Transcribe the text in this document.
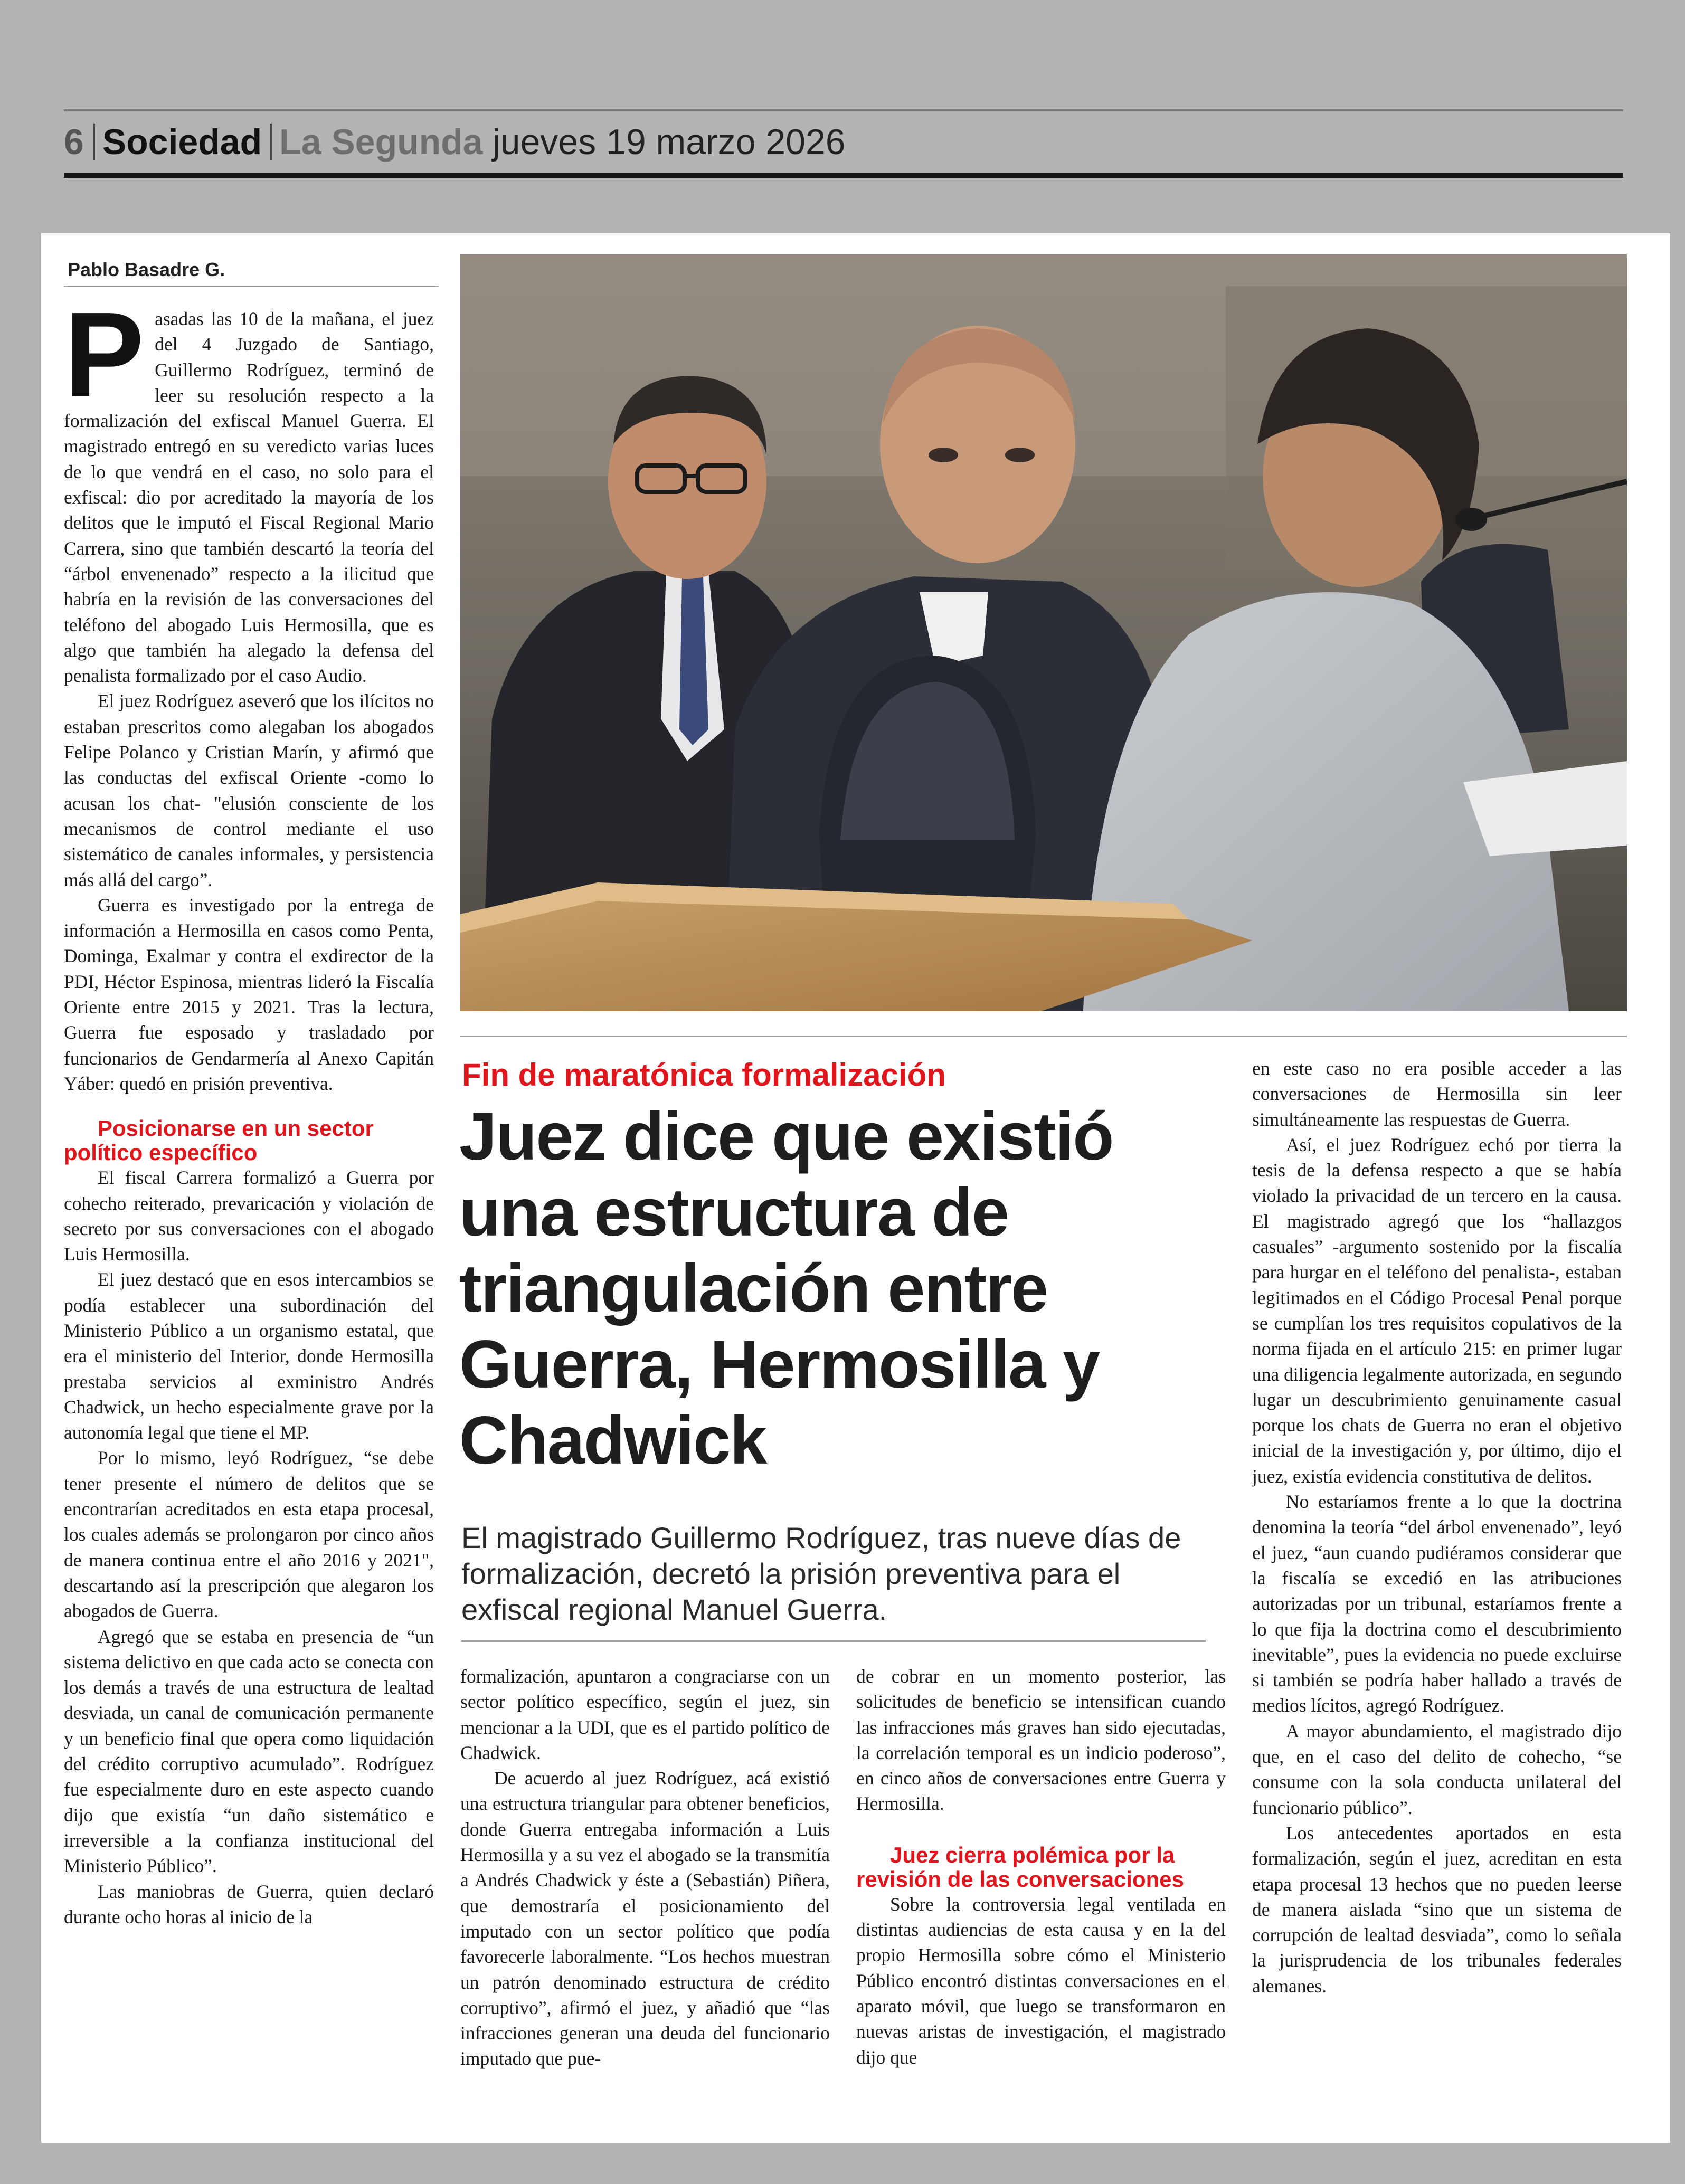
6 Sociedad La Segunda jueves 19 marzo 2026
Pablo Basadre G.

Pasadas las 10 de la mañana, el juez del 4 Juzgado de Santiago, Guillermo Rodríguez, terminó de leer su resolución respecto a la formalización del exfiscal Manuel Guerra. El magistrado entregó en su veredicto varias luces de lo que vendrá en el caso, no solo para el exfiscal: dio por acreditado la mayoría de los delitos que le imputó el Fiscal Regional Mario Carrera, sino que también descartó la teoría del “árbol envenenado” respecto a la ilicitud que habría en la revisión de las conversaciones del teléfono del abogado Luis Hermosilla, que es algo que también ha alegado la defensa del penalista formalizado por el caso Audio.

El juez Rodríguez aseveró que los ilícitos no estaban prescritos como alegaban los abogados Felipe Polanco y Cristian Marín, y afirmó que las conductas del exfiscal Oriente -como lo acusan los chat- "elusión consciente de los mecanismos de control mediante el uso sistemático de canales informales, y persistencia más allá del cargo”.

Guerra es investigado por la entrega de información a Hermosilla en casos como Penta, Dominga, Exalmar y contra el exdirector de la PDI, Héctor Espinosa, mientras lideró la Fiscalía Oriente entre 2015 y 2021. Tras la lectura, Guerra fue esposado y trasladado por funcionarios de Gendarmería al Anexo Capitán Yáber: quedó en prisión preventiva.

Posicionarse en un sector político específico

El fiscal Carrera formalizó a Guerra por cohecho reiterado, prevaricación y violación de secreto por sus conversaciones con el abogado Luis Hermosilla.

El juez destacó que en esos intercambios se podía establecer una subordinación del Ministerio Público a un organismo estatal, que era el ministerio del Interior, donde Hermosilla prestaba servicios al exministro Andrés Chadwick, un hecho especialmente grave por la autonomía legal que tiene el MP.

Por lo mismo, leyó Rodríguez, “se debe tener presente el número de delitos que se encontrarían acreditados en esta etapa procesal, los cuales además se prolongaron por cinco años de manera continua entre el año 2016 y 2021", descartando así la prescripción que alegaron los abogados de Guerra.

Agregó que se estaba en presencia de “un sistema delictivo en que cada acto se conecta con los demás a través de una estructura de lealtad desviada, un canal de comunicación permanente y un beneficio final que opera como liquidación del crédito corruptivo acumulado”. Rodríguez fue especialmente duro en este aspecto cuando dijo que existía “un daño sistemático e irreversible a la confianza institucional del Ministerio Público”.

Las maniobras de Guerra, quien declaró durante ocho horas al inicio de la

Fin de maratónica formalización
Juez dice que existió una estructura de triangulación entre Guerra, Hermosilla y Chadwick
El magistrado Guillermo Rodríguez, tras nueve días de formalización, decretó la prisión preventiva para el exfiscal regional Manuel Guerra.

formalización, apuntaron a congraciarse con un sector político específico, según el juez, sin mencionar a la UDI, que es el partido político de Chadwick.

De acuerdo al juez Rodríguez, acá existió una estructura triangular para obtener beneficios, donde Guerra entregaba información a Luis Hermosilla y a su vez el abogado se la transmitía a Andrés Chadwick y éste a (Sebastián) Piñera, que demostraría el posicionamiento del imputado con un sector político que podía favorecerle laboralmente. “Los hechos muestran un patrón denominado estructura de crédito corruptivo”, afirmó el juez, y añadió que “las infracciones generan una deuda del funcionario imputado que pue-

de cobrar en un momento posterior, las solicitudes de beneficio se intensifican cuando las infracciones más graves han sido ejecutadas, la correlación temporal es un indicio poderoso”, en cinco años de conversaciones entre Guerra y Hermosilla.

Juez cierra polémica por la revisión de las conversaciones

Sobre la controversia legal ventilada en distintas audiencias de esta causa y en la del propio Hermosilla sobre cómo el Ministerio Público encontró distintas conversaciones en el aparato móvil, que luego se transformaron en nuevas aristas de investigación, el magistrado dijo que

en este caso no era posible acceder a las conversaciones de Hermosilla sin leer simultáneamente las respuestas de Guerra.

Así, el juez Rodríguez echó por tierra la tesis de la defensa respecto a que se había violado la privacidad de un tercero en la causa. El magistrado agregó que los “hallazgos casuales” -argumento sostenido por la fiscalía para hurgar en el teléfono del penalista-, estaban legitimados en el Código Procesal Penal porque se cumplían los tres requisitos copulativos de la norma fijada en el artículo 215: en primer lugar una diligencia legalmente autorizada, en segundo lugar un descubrimiento genuinamente casual porque los chats de Guerra no eran el objetivo inicial de la investigación y, por último, dijo el juez, existía evidencia constitutiva de delitos.

No estaríamos frente a lo que la doctrina denomina la teoría “del árbol envenenado”, leyó el juez, “aun cuando pudiéramos considerar que la fiscalía se excedió en las atribuciones autorizadas por un tribunal, estaríamos frente a lo que fija la doctrina como el descubrimiento inevitable”, pues la evidencia no puede excluirse si también se podría haber hallado a través de medios lícitos, agregó Rodríguez.

A mayor abundamiento, el magistrado dijo que, en el caso del delito de cohecho, “se consume con la sola conducta unilateral del funcionario público”.

Los antecedentes aportados en esta formalización, según el juez, acreditan en esta etapa procesal 13 hechos que no pueden leerse de manera aislada “sino que un sistema de corrupción de lealtad desviada”, como lo señala la jurisprudencia de los tribunales federales alemanes.
